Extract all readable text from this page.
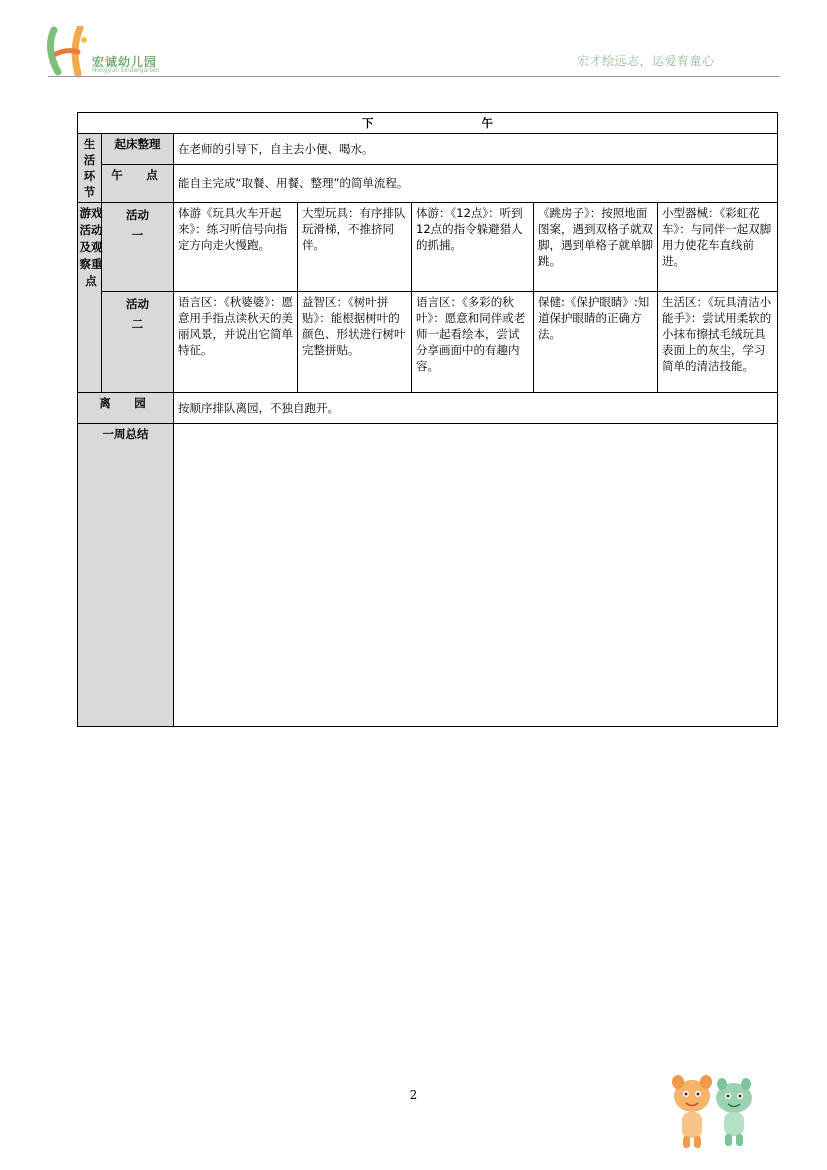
宏诚幼儿园
Hongyun kindergarten
宏才绘远志，运爱育童心
下 午						

生活环节	起床整理	在老师的引导下，自主去小便、喝水。				
	午　点	能自主完成“取餐、用餐、整理”的简单流程。				

游戏活动及观察重点	活动一	体游《玩具火车开起来》：练习听信号向指定方向走火慢跑。	大型玩具：有序排队玩滑梯，不推挤同伴。	体游：《12点》：听到12点的指令躲避猎人的抓捕。	《跳房子》：按照地面图案，遇到双格子就双脚，遇到单格子就单脚跳。	小型器械：《彩虹花车》：与同伴一起双脚用力使花车直线前进。

	活动二	语言区：《秋婆婆》：愿意用手指点读秋天的美丽风景，并说出它简单特征。	益智区：《树叶拼贴》：能根据树叶的颜色、形状进行树叶完整拼贴。	语言区：《多彩的秋叶》：愿意和同伴或老师一起看绘本，尝试分享画面中的有趣内容。	保健:《保护眼睛》:知道保护眼睛的正确方法。	生活区：《玩具清洁小能手》：尝试用柔软的小抹布擦拭毛绒玩具表面上的灰尘，学习简单的清洁技能。
离　园		按顺序排队离园，不独自跑开。				
一周总结						
2
